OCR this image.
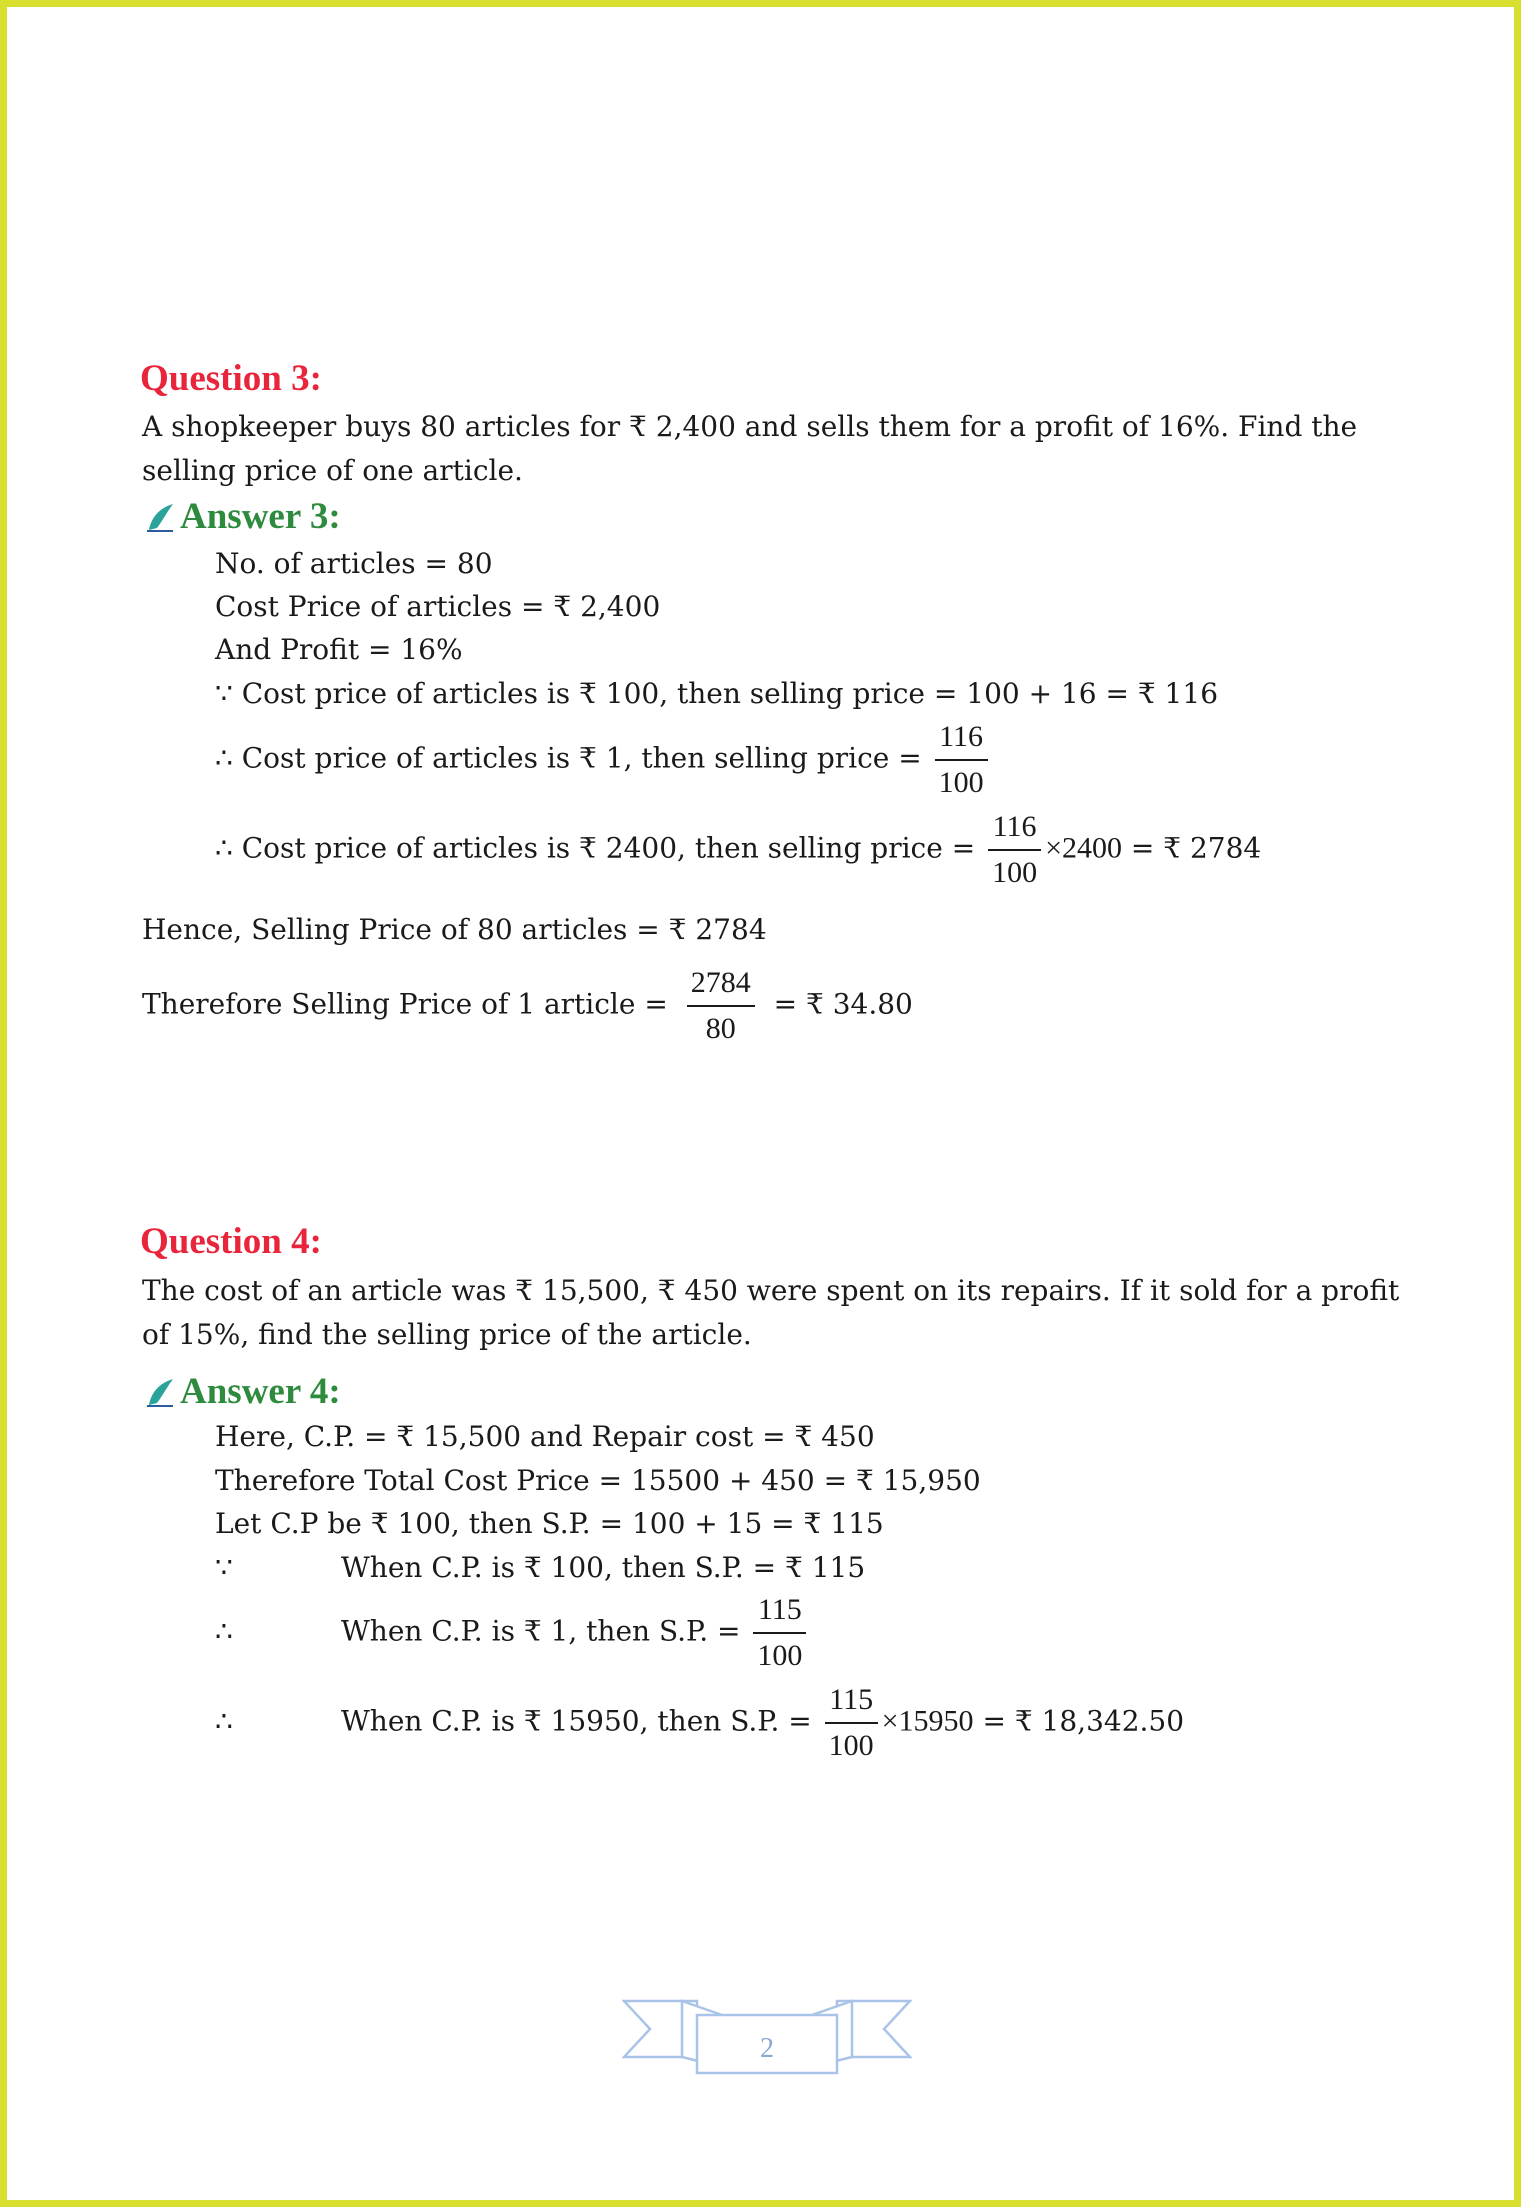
Question 3:
A shopkeeper buys 80 articles for ₹ 2,400 and sells them for a profit of 16%. Find the
selling price of one article.
Answer 3:
No. of articles = 80
Cost Price of articles = ₹ 2,400
And Profit = 16%
∵ Cost price of articles is ₹ 100, then selling price = 100 + 16 = ₹ 116
∴ Cost price of articles is ₹ 1, then selling price = $\frac{116}{100}$
∴ Cost price of articles is ₹ 2400, then selling price = $\frac{116}{100} \times 2400$ = ₹ 2784
Hence, Selling Price of 80 articles = ₹ 2784
Therefore Selling Price of 1 article = $\frac{2784}{80}$ = ₹ 34.80
Question 4:
The cost of an article was ₹ 15,500, ₹ 450 were spent on its repairs. If it sold for a profit
of 15%, find the selling price of the article.
Answer 4:
Here, C.P. = ₹ 15,500 and Repair cost = ₹ 450
Therefore Total Cost Price = 15500 + 450 = ₹ 15,950
Let C.P be ₹ 100, then S.P. = 100 + 15 = ₹ 115
∵	When C.P. is ₹ 100, then S.P. = ₹ 115
∴	When C.P. is ₹ 1, then S.P. = $\frac{115}{100}$
∴	When C.P. is ₹ 15950, then S.P. = $\frac{115}{100} \times 15950$ = ₹ 18,342.50
2
